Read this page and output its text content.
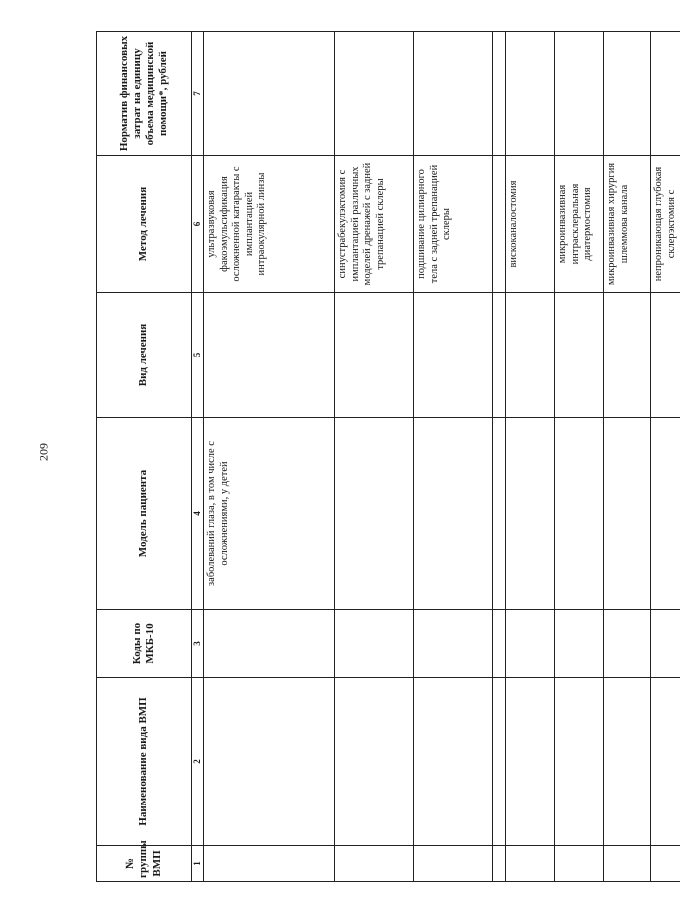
209
№ группы ВМП	Наименование вида ВМП	Коды по МКБ-10	Модель пациента	Вид лечения	Метод лечения	Норматив финансовых затрат на единицу объема медицинской помощи*, рублей
1	2	3	4	5	6	7
			заболеваний глаза, в том числе с осложнениями, у детей		ультразвуковая факоэмульсификация осложненной катаракты с имплантацией интраокулярной линзы	
					синустрабекулэктомия с имплантацией различных моделей дренажей с задней трепанацией склеры	
					подшивание цилиарного тела с задней трепанацией склеры	

					вискоканалостомия	
					микроинвазивная интрасклеральная диатермостомия	
					микроинвазивная хирургия шлеммова канала	
					непроникающая глубокая склерэктомия с	
